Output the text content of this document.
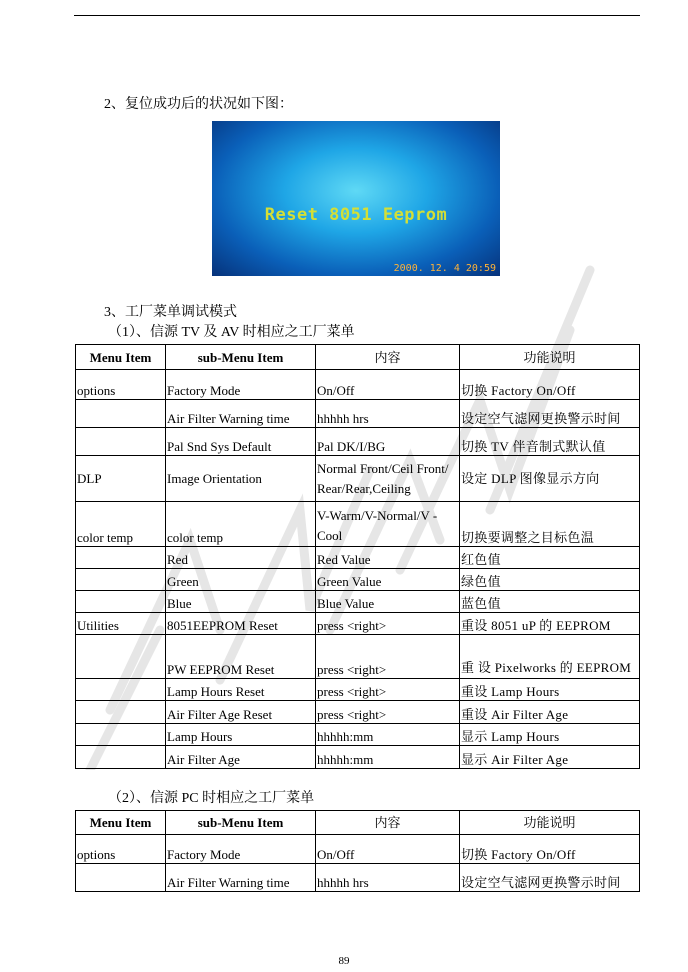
2、复位成功后的状况如下图：
Reset 8051 Eeprom
2000. 12. 4 20:59
3、工厂菜单调试模式
（1）、信源 TV 及 AV 时相应之工厂菜单
Menu Item	sub-Menu Item	内容	功能说明
options	Factory Mode	On/Off	切换 Factory On/Off
	Air Filter Warning time	hhhhh hrs	设定空气滤网更换警示时间
	Pal Snd Sys Default	Pal DK/I/BG	切换 TV 伴音制式默认值
DLP	Image Orientation	Normal Front/Ceil Front/ Rear/Rear,Ceiling	设定 DLP 图像显示方向
color temp	color temp	V-Warm/V-Normal/V -Cool	切换要调整之目标色温
	Red	Red Value	红色值
	Green	Green Value	绿色值
	Blue	Blue Value	蓝色值
Utilities	8051EEPROM Reset	press <right>	重设 8051 uP 的 EEPROM
	PW EEPROM Reset	press <right>	重 设 Pixelworks 的 EEPROM
	Lamp Hours Reset	press <right>	重设 Lamp Hours
	Air Filter Age Reset	press <right>	重设 Air Filter Age
	Lamp Hours	hhhhh:mm	显示 Lamp Hours
	Air Filter Age	hhhhh:mm	显示 Air Filter Age
（2）、信源 PC 时相应之工厂菜单
Menu Item	sub-Menu Item	内容	功能说明
options	Factory Mode	On/Off	切换 Factory On/Off
	Air Filter Warning time	hhhhh hrs	设定空气滤网更换警示时间
89
